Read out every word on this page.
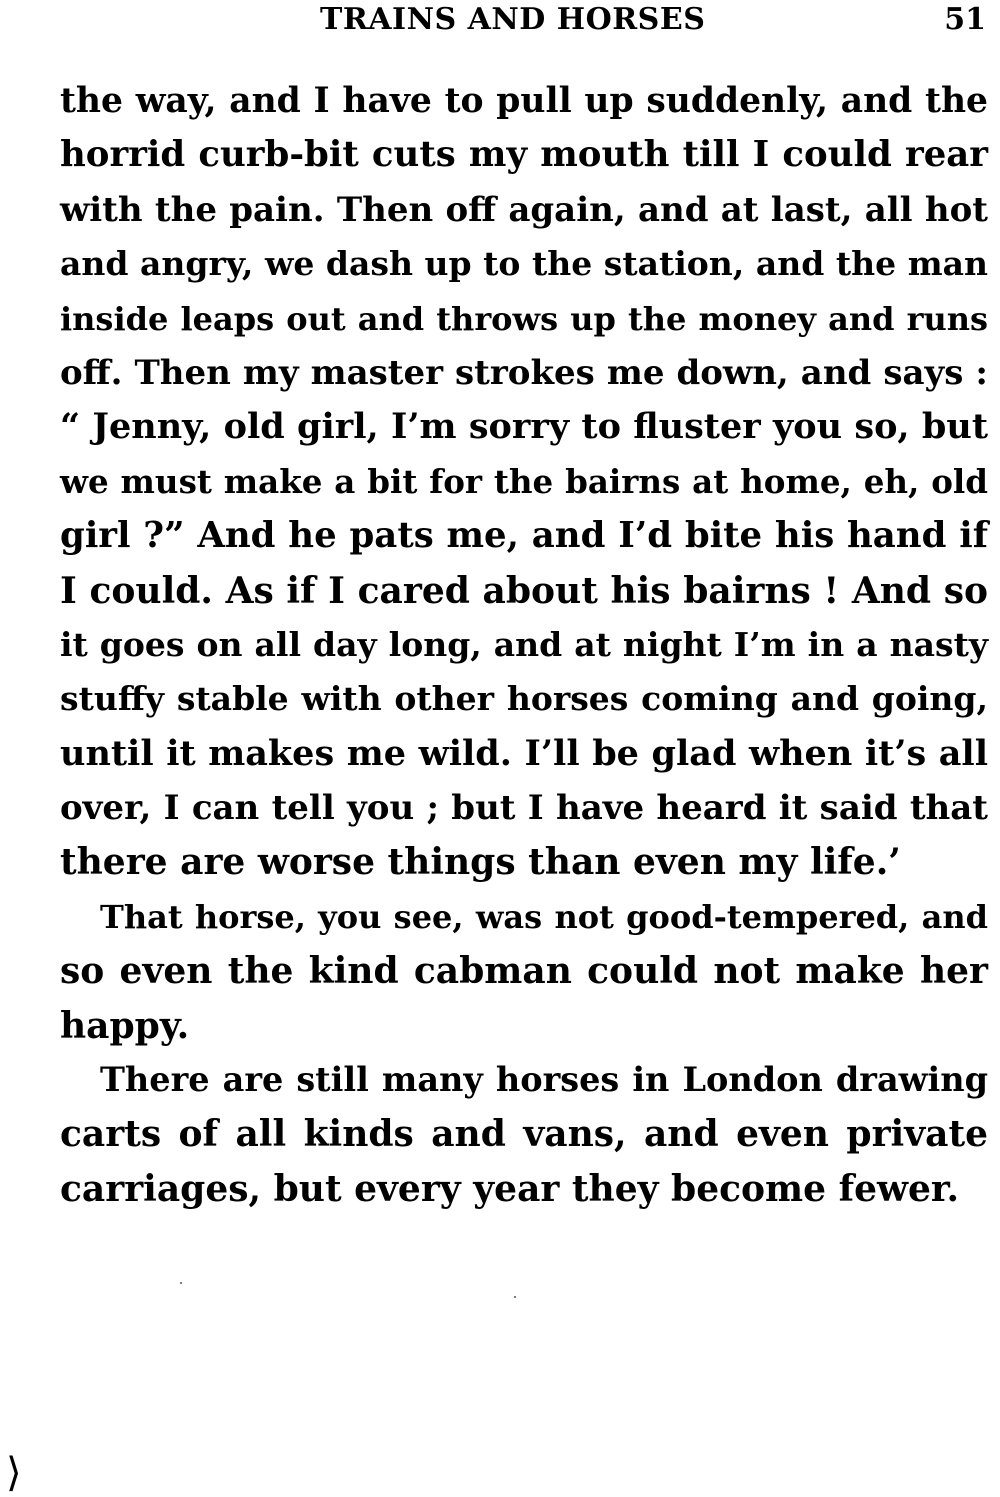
TRAINS AND HORSES	51
the way, and I have to pull up suddenly, and the
horrid curb-bit cuts my mouth till I could rear
with the pain. Then off again, and at last, all hot
and angry, we dash up to the station, and the man
inside leaps out and throws up the money and runs
off. Then my master strokes me down, and says :
“ Jenny, old girl, I’m sorry to fluster you so, but
we must make a bit for the bairns at home, eh, old
girl ?” And he pats me, and I’d bite his hand if
I could. As if I cared about his bairns ! And so
it goes on all day long, and at night I’m in a nasty
stuffy stable with other horses coming and going,
until it makes me wild. I’ll be glad when it’s all
over, I can tell you ; but I have heard it said that
there are worse things than even my life.’
That horse, you see, was not good-tempered, and
so even the kind cabman could not make her
happy.
There are still many horses in London drawing
carts of all kinds and vans, and even private
carriages, but every year they become fewer.
⟩
